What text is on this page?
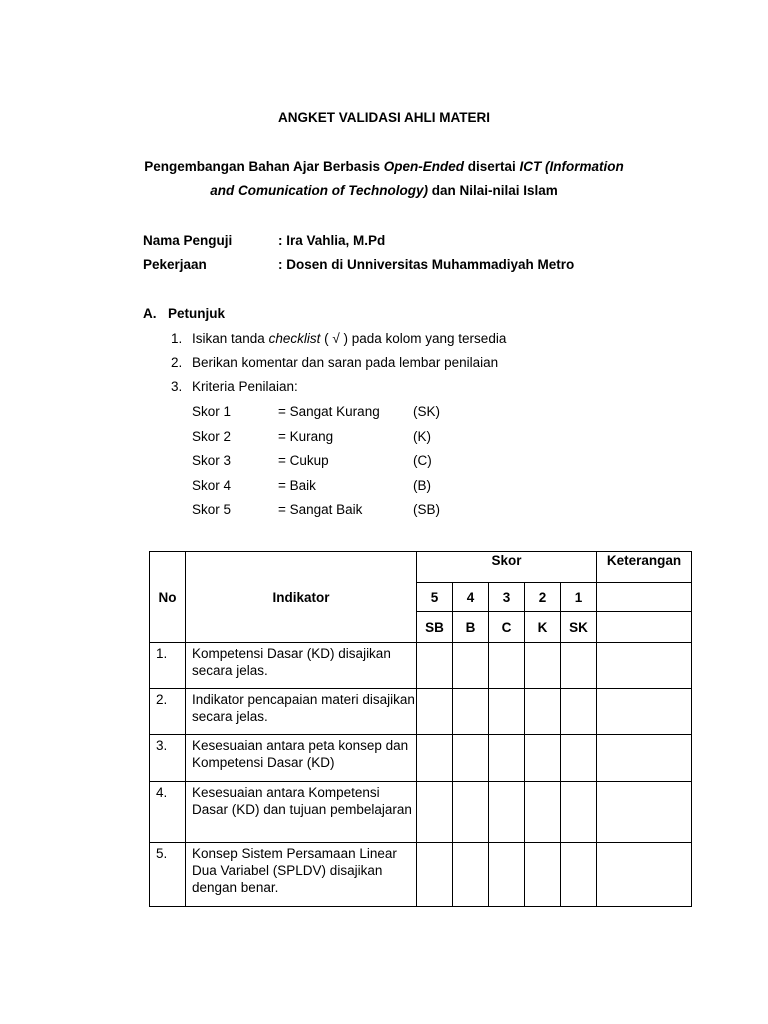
ANGKET VALIDASI AHLI MATERI
Pengembangan Bahan Ajar Berbasis Open-Ended disertai ICT (Information
and Comunication of Technology) dan Nilai-nilai Islam
Nama Penguji	: Ira Vahlia, M.Pd
Pekerjaan	: Dosen di Unniversitas Muhammadiyah Metro
A. Petunjuk
1. Isikan tanda checklist ( √ ) pada kolom yang tersedia
2. Berikan komentar dan saran pada lembar penilaian
3. Kriteria Penilaian:
Skor 1	= Sangat Kurang (SK)
Skor 2	= Kurang	(K)
Skor 3	= Cukup	(C)
Skor 4	= Baik	(B)
Skor 5	= Sangat Baik	(SB)
No	Indikator	Skor					Keterangan
		5	4	3	2	1	
		SB	B	C	K	SK	
1.	Kompetensi Dasar (KD) disajikan secara jelas.						
2.	Indikator pencapaian materi disajikan secara jelas.						
3.	Kesesuaian antara peta konsep dan Kompetensi Dasar (KD)						
4.	Kesesuaian antara Kompetensi Dasar (KD) dan tujuan pembelajaran						
5.	Konsep Sistem Persamaan Linear Dua Variabel (SPLDV) disajikan dengan benar.						
